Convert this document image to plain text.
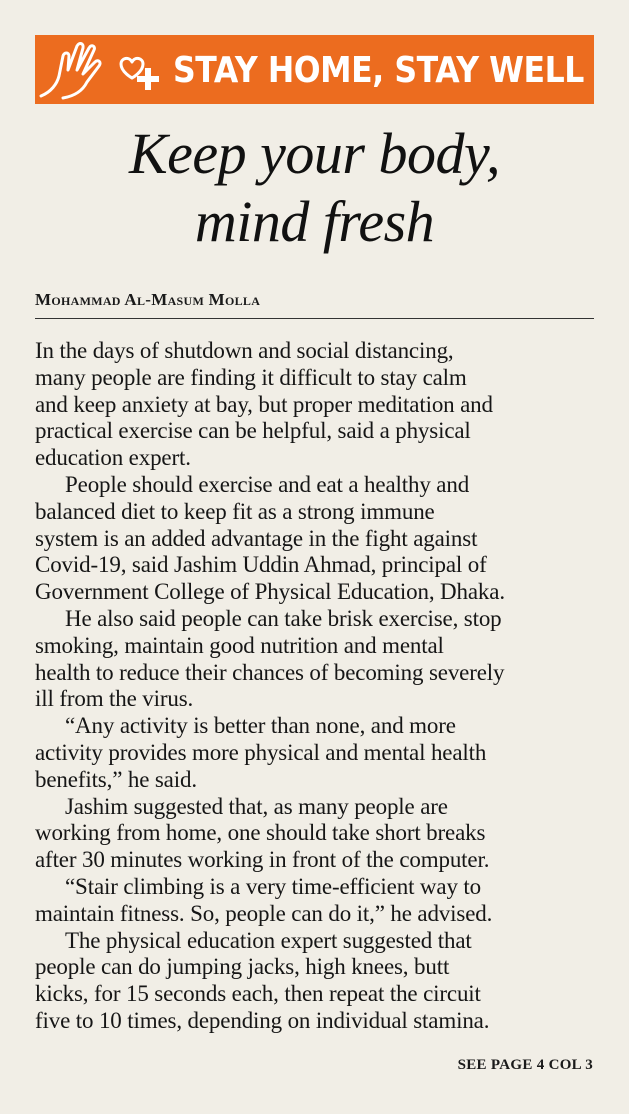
STAY HOME, STAY WELL
Keep your body,
mind fresh
Mohammad Al-Masum Molla
In the days of shutdown and social distancing,
many people are finding it difficult to stay calm
and keep anxiety at bay, but proper meditation and
practical exercise can be helpful, said a physical
education expert.
People should exercise and eat a healthy and
balanced diet to keep fit as a strong immune
system is an added advantage in the fight against
Covid-19, said Jashim Uddin Ahmad, principal of
Government College of Physical Education, Dhaka.
He also said people can take brisk exercise, stop
smoking, maintain good nutrition and mental
health to reduce their chances of becoming severely
ill from the virus.
“Any activity is better than none, and more
activity provides more physical and mental health
benefits,” he said.
Jashim suggested that, as many people are
working from home, one should take short breaks
after 30 minutes working in front of the computer.
“Stair climbing is a very time-efficient way to
maintain fitness. So, people can do it,” he advised.
The physical education expert suggested that
people can do jumping jacks, high knees, butt
kicks, for 15 seconds each, then repeat the circuit
five to 10 times, depending on individual stamina.
SEE PAGE 4 COL 3
